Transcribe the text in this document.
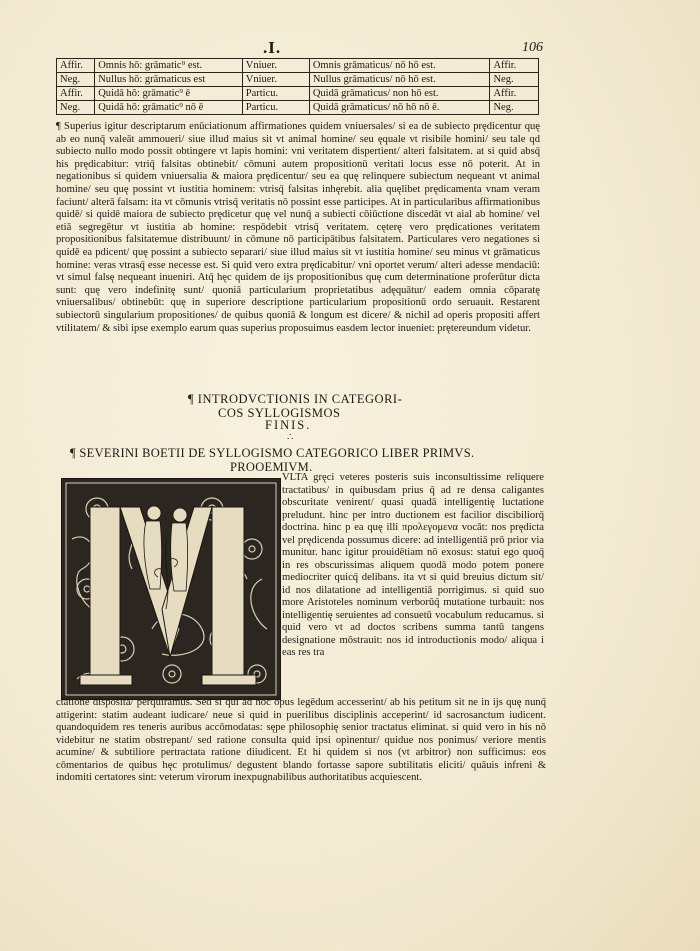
.I.	106
Affir.	Omnis hō: grāmatic⁹ est.	Vniuer.	Omnis grāmaticus/ nō hō est.	Affir.
Neg.	Nullus hō: grāmaticus est	Vniuer.	Nullus grāmaticus/ nō hō est.	Neg.
Affir.	Quidā hō: grāmatic⁹ ē	Particu.	Quidā grāmaticus/ non hō est.	Affir.
Neg.	Quidā hō: grāmatic⁹ nō ē	Particu.	Quidā grāmaticus/ nō hō nō ē.	Neg.

¶ Superius igitur descriptarum enūciationum affirmationes quidem vniuersales/ si ea de subiecto prędicentur quę ab eo nunq̄ valeāt ammoueri/ siue illud maius sit vt animal homine/ seu ęquale vt risibile homini/ seu tale qd subiecto nullo modo possit obtingere vt lapis homini: vni veritatem dispertient/ alteri falsitatem. at si quid absq̄ his prędicabitur: vtriq̄ falsitas obtinebit/ cōmuni autem propositionū veritati locus esse nō poterit. At in negationibus si quidem vniuersalia & maiora prędicentur/ seu ea quę relinquere subiectum nequeant vt animal homine/ seu quę possint vt iustitia hominem: vtrisq̄ falsitas inhęrebit. alia quęlibet prędicamenta vnam veram faciunt/ alterā falsam: ita vt cōmunis vtrisq̄ veritatis nō possint esse participes. At in particularibus affirmationibus quidē/ si quidē maiora de subiecto prędicetur quę vel nunq̄ a subiecti cōiūctione discedāt vt aial ab homine/ vel etiā segregētur vt iustitia ab homine: respōdebit vtrisq̄ veritatem. cęterę vero prędicationes veritatem propositionibus falsitatemue distribuunt/ in cōmune nō participātibus falsitatem. Particulares vero negationes si quidē ea pdicent/ quę possint a subiecto separari/ siue illud maius sit vt iustitia homine/ seu minus vt grāmaticus homine: veras vtrasq̄ esse necesse est. Si quid vero extra prędicabitur/ vni oportet verum/ alteri adesse mendaciū: vt simul falsę nequeant inueniri. Atq̄ hęc quidem de ijs propositionibus quę cum determinatione proferūtur dicta sunt: quę vero indefinitę sunt/ quoniā particularium proprietatibus adęquātur/ eadem omnia cōparatę vniuersalibus/ obtinebūt: quę in superiore descriptione particularium propositionū ordo seruauit. Restarent subiectorū singularium propositiones/ de quibus quoniā & longum est dicere/ & nichil ad operis propositi affert vtilitatem/ & sibi ipse exemplo earum quas superius proposuimus easdem lector inueniet: prętereundum videtur.

¶ INTRODVCTIONIS IN CATEGORI-
COS SYLLOGISMOS
FINIS.
∴
¶ SEVERINI BOETII DE SYLLOGISMO CATEGORICO LIBER PRIMVS.
PROOEMIVM.

VLTA gręci veteres posteris suis inconsultissime reliquere tractatibus/ in quibusdam prius q̄ ad re densa caligantes obscuritate venirent/ quasi quadā intelligentię luctatione preludunt. hinc per intro ductionem est facilior discibiliorq̄ doctrina. hinc p ea quę illi προλεγομενα vocāt: nos prędicta vel prędicenda possumus dicere: ad intelligentiā prō prior via munitur. hanc igitur prouidētiam nō exosus: statui ego quoq̄ in res obscurissimas aliquem quodā modo potem ponere mediocriter quicq̄ delibans. ita vt si quid breuius dictum sit/ id nos dilatatione ad intelligentiā porrigimus. si quid suo more Aristoteles nominum verborūq̄ mutatione turbauit: nos intelligentię seruientes ad consuetū vocabulum reducamus. si quid vero vt ad doctos scribens summa tantū tangens designatione mōstrauit: nos id introductionis modo/ aliqua i eas res tra

ctatione disposita/ perquiramus. Sed si qui ad hoc opus legēdum accesserint/ ab his petitum sit ne in ijs quę nunq̄ attigerint: statim audeant iudicare/ neue si quid in puerilibus disciplinis acceperint/ id sacrosanctum iudicent. quandoquidem res teneris auribus accōmodatas: sępe philosophię senior tractatus eliminat. si quid vero in his nō videbitur ne statim obstrepant/ sed ratione consulta quid ipsi opinentur/ quidue nos ponimus/ veriore mentis acumine/ & subtiliore pertractata ratione diiudicent. Et hi quidem si nos (vt arbitror) non sufficimus: eos cōmentarios de quibus hęc protulimus/ degustent blando fortasse sapore subtilitatis eliciti/ quāuis infreni & indomiti certatores sint: veterum virorum inexpugnabilibus authoritatibus acquiescent.
